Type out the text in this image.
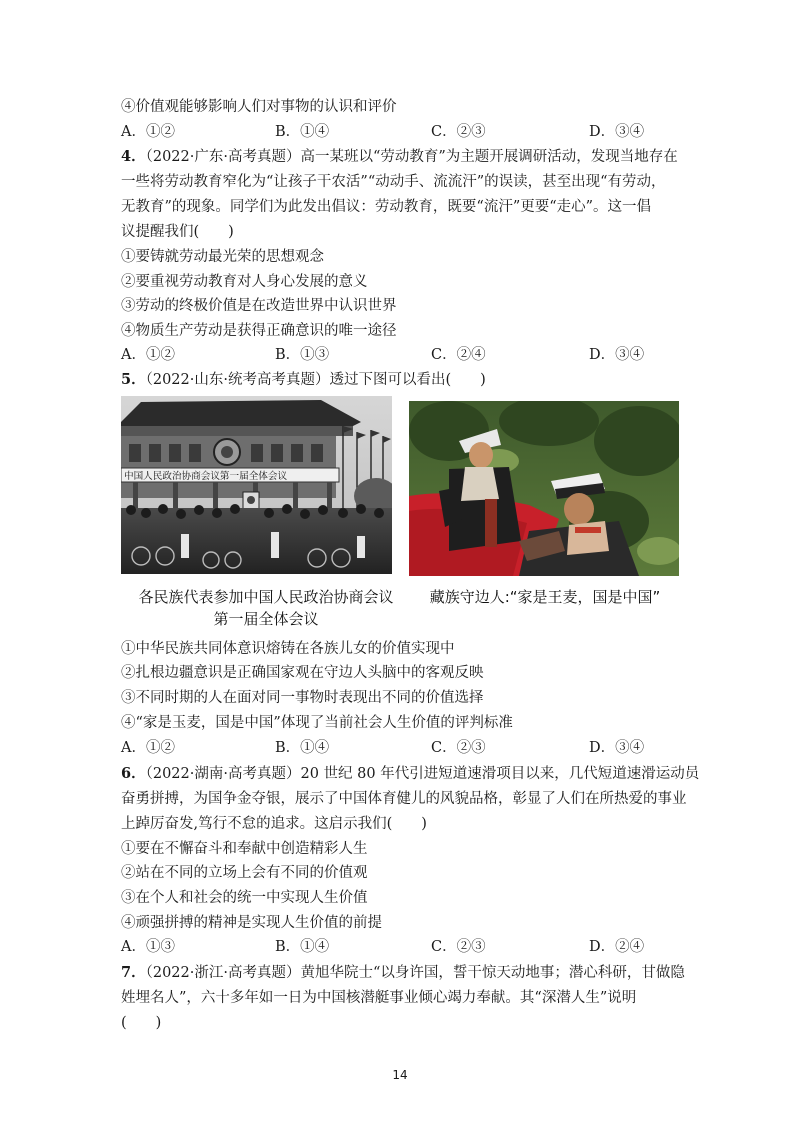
④价值观能够影响人们对事物的认识和评价
A．①②	B．①④	C．②③	D．③④
4．（2022·广东·高考真题）高一某班以“劳动教育”为主题开展调研活动，发现当地存在
一些将劳动教育窄化为“让孩子干农活”“动动手、流流汗”的误读，甚至出现“有劳动，
无教育”的现象。同学们为此发出倡议：劳动教育，既要“流汗”更要“走心”。这一倡
议提醒我们(　　)
①要铸就劳动最光荣的思想观念
②要重视劳动教育对人身心发展的意义
③劳动的终极价值是在改造世界中认识世界
④物质生产劳动是获得正确意识的唯一途径
A．①②	B．①③	C．②④	D．③④
5．（2022·山东·统考高考真题）透过下图可以看出(　　)
中国人民政治协商会议第一届全体会议
各民族代表参加中国人民政治协商会议
第一届全体会议
藏族守边人:“家是王麦，国是中国”
①中华民族共同体意识熔铸在各族儿女的价值实现中
②扎根边疆意识是正确国家观在守边人头脑中的客观反映
③不同时期的人在面对同一事物时表现出不同的价值选择
④“家是玉麦，国是中国”体现了当前社会人生价值的评判标准
A．①②	B．①④	C．②③	D．③④
6．（2022·湖南·高考真题）20 世纪 80 年代引进短道速滑项目以来，几代短道速滑运动员
奋勇拼搏，为国争金夺银，展示了中国体育健儿的风貌品格，彰显了人们在所热爱的事业
上踔厉奋发,笃行不怠的追求。这启示我们(　　)
①要在不懈奋斗和奉献中创造精彩人生
②站在不同的立场上会有不同的价值观
③在个人和社会的统一中实现人生价值
④顽强拼搏的精神是实现人生价值的前提
A．①③	B．①④	C．②③	D．②④
7．（2022·浙江·高考真题）黄旭华院士“以身许国，誓干惊天动地事；潜心科研，甘做隐
姓埋名人”，六十多年如一日为中国核潜艇事业倾心竭力奉献。其“深潜人生”说明
(　　)
14
